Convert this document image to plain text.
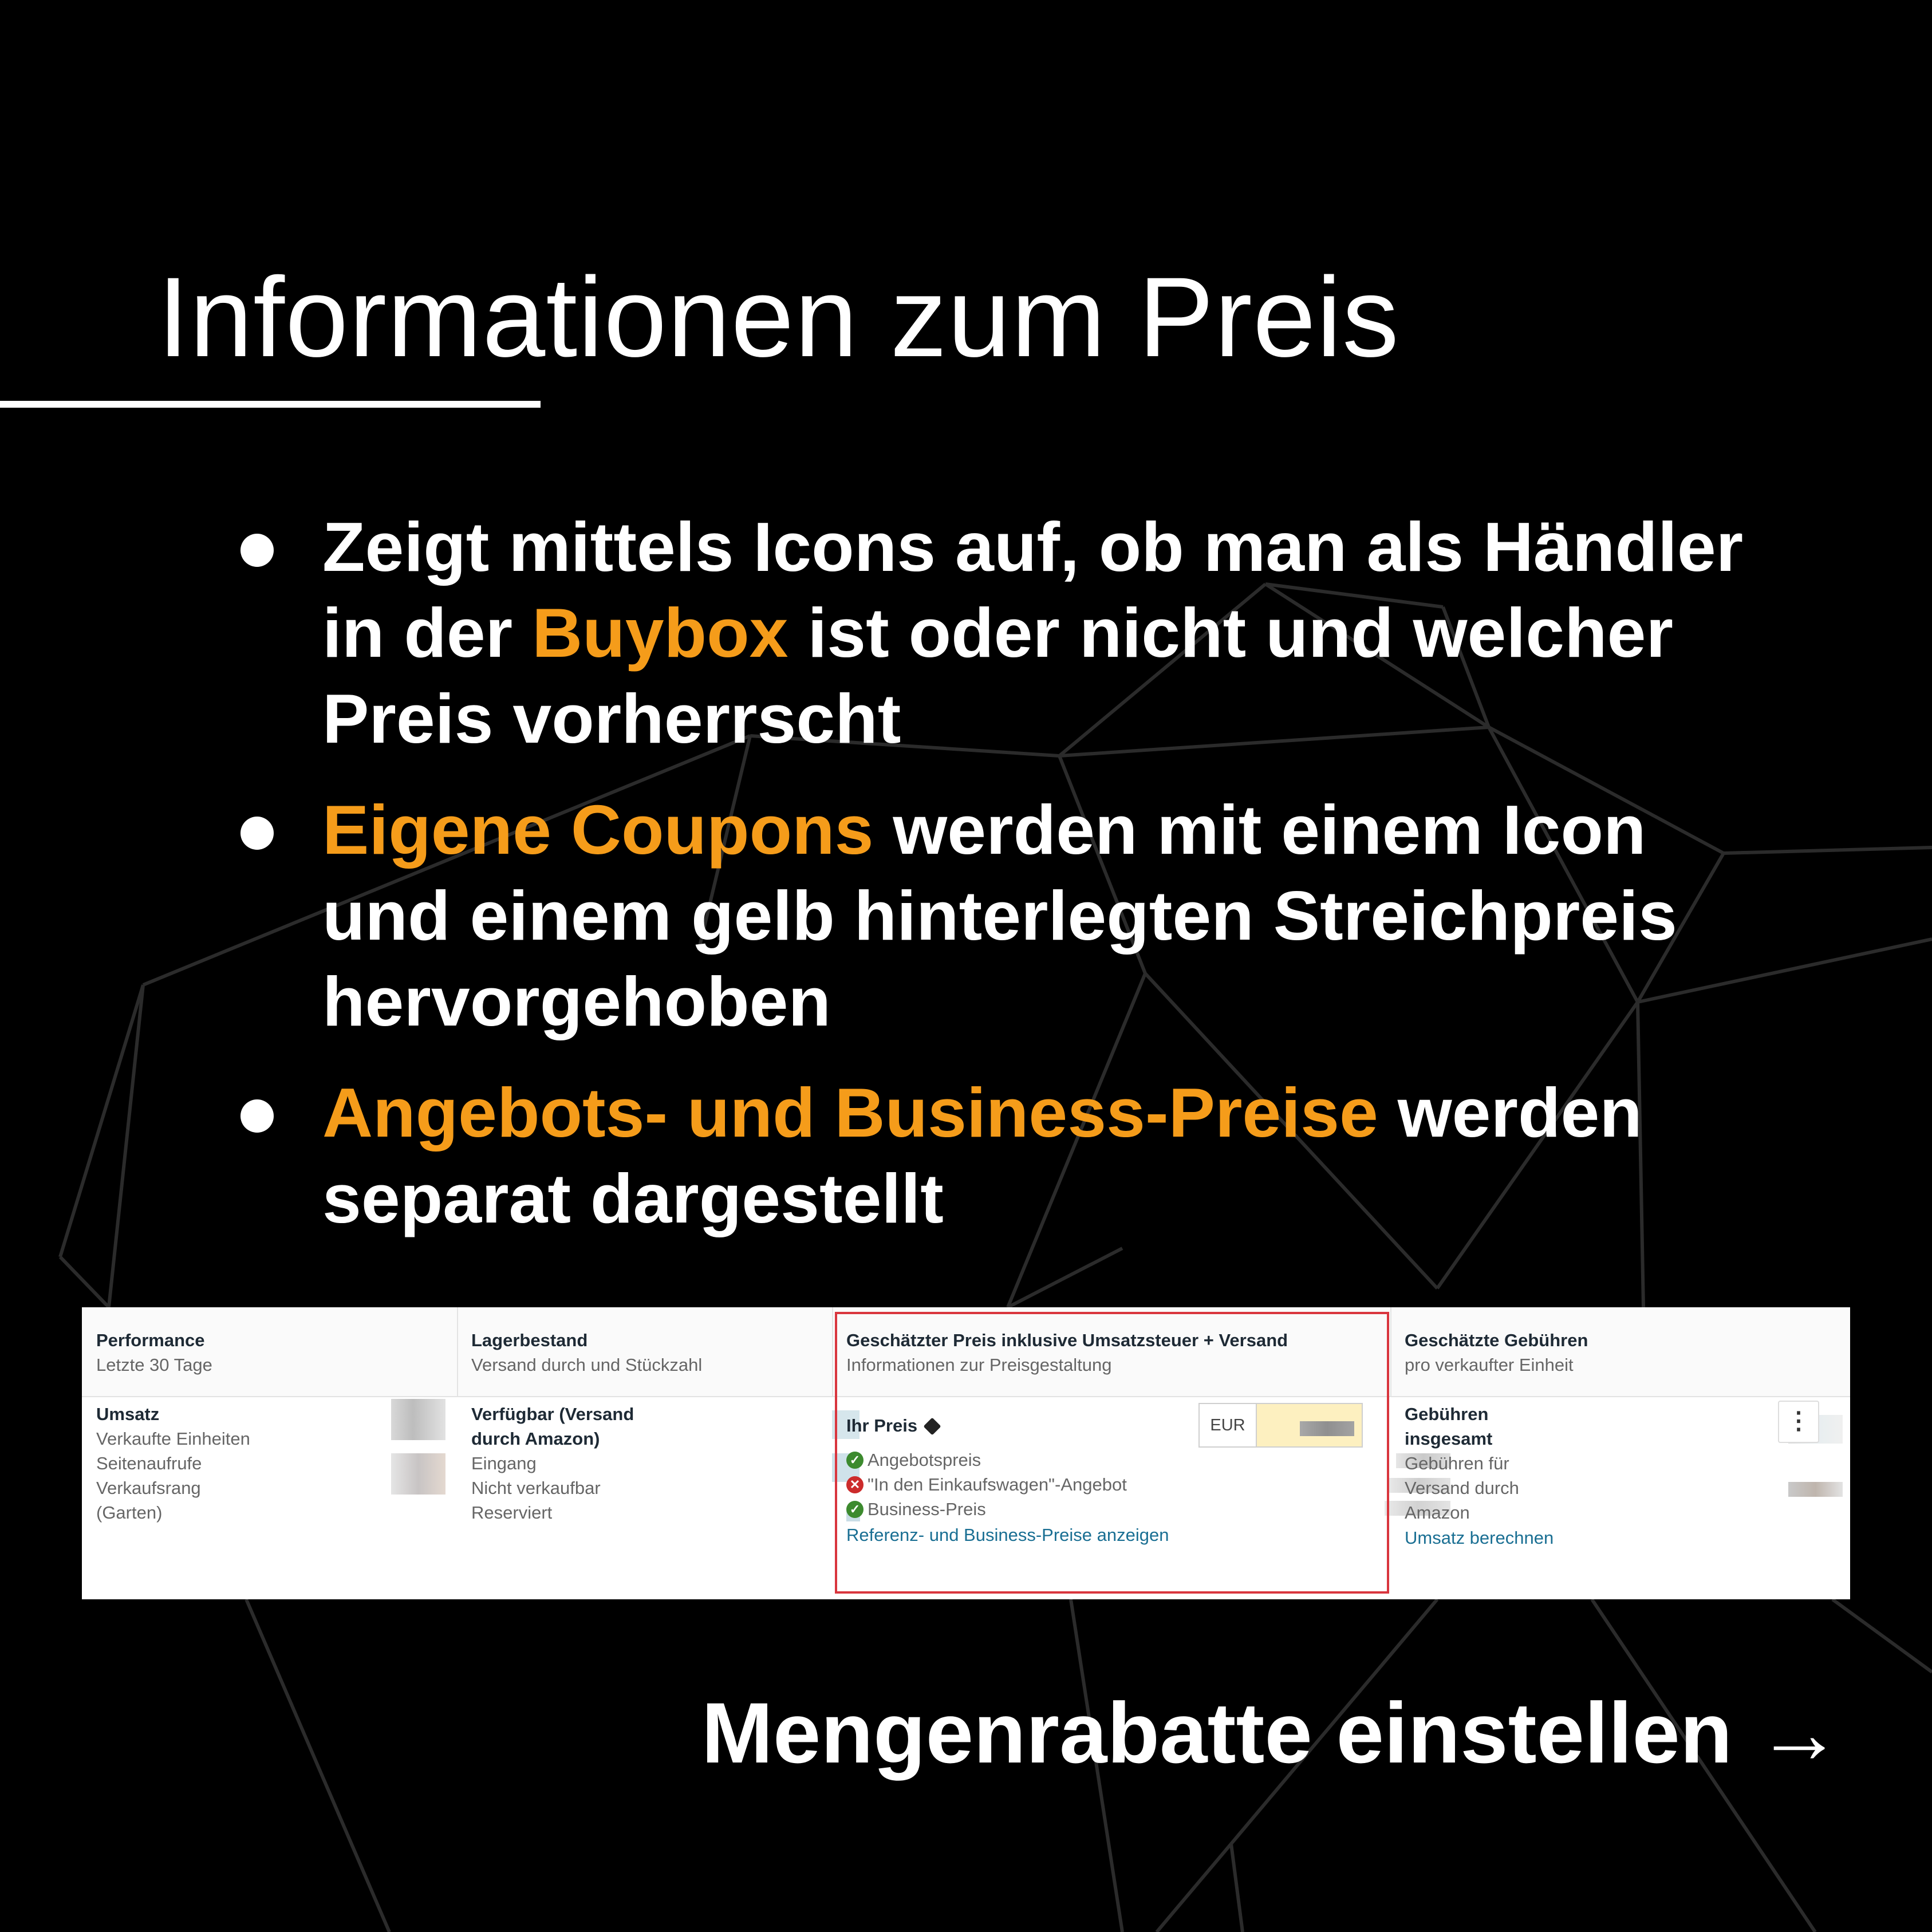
Informationen zum Preis
Zeigt mittels Icons auf, ob man als Händler in der Buybox ist oder nicht und welcher Preis vorherrscht
Eigene Coupons werden mit einem Icon und einem gelb hinterlegten Streichpreis hervorgehoben
Angebots- und Business-Preise werden separat dargestellt
Performance
Letzte 30 Tage
Umsatz
Verkaufte Einheiten
Seitenaufrufe
Verkaufsrang
(Garten)
Lagerbestand
Versand durch und Stückzahl
Verfügbar (Versand
durch Amazon)
Eingang
Nicht verkaufbar
Reserviert
Geschätzter Preis inklusive Umsatzsteuer + Versand
Informationen zur Preisgestaltung
Ihr Preis
✓ Angebotspreis
✕ "In den Einkaufswagen"-Angebot
✓ Business-Preis
Referenz- und Business-Preise anzeigen
EUR
Geschätzte Gebühren
pro verkaufter Einheit
Gebühren
insgesamt
Gebühren für
Versand durch
Amazon
Umsatz berechnen
⋮
Mengenrabatte einstellen →
